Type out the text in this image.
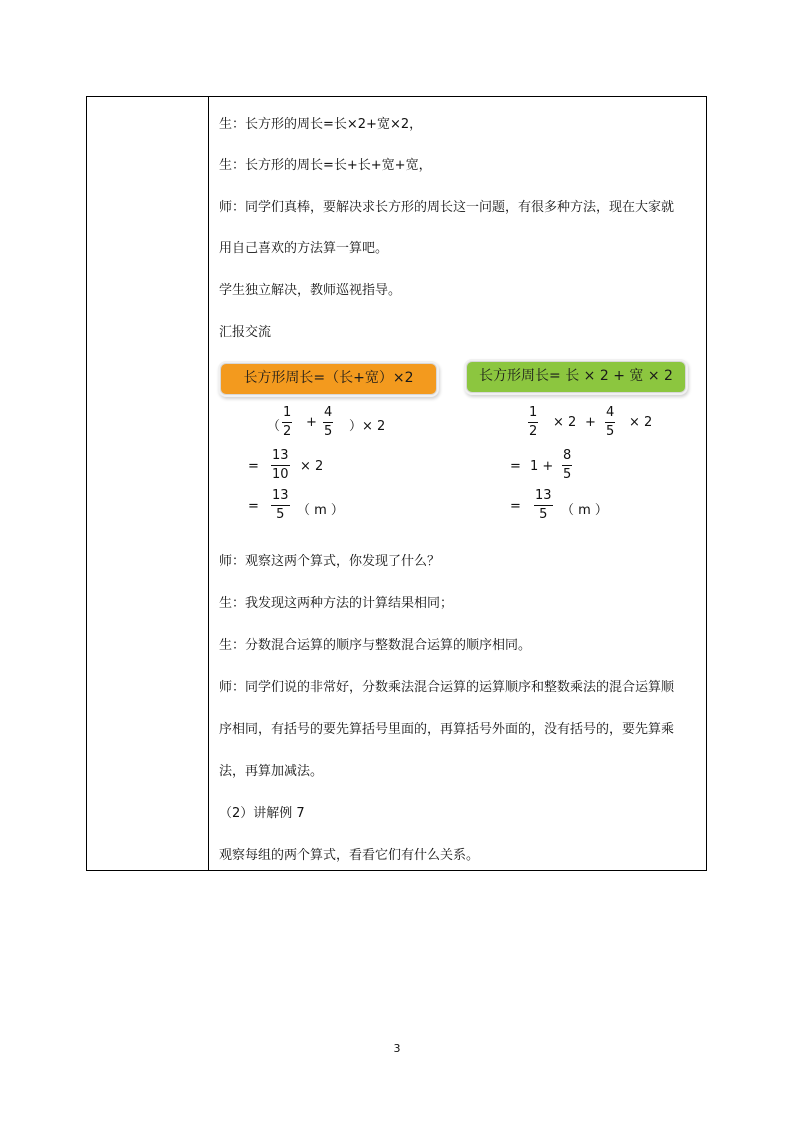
生：长方形的周长=长×2+宽×2，
生：长方形的周长=长+长+宽+宽，
师：同学们真棒，要解决求长方形的周长这一问题，有很多种方法，现在大家就
用自己喜欢的方法算一算吧。
学生独立解决，教师巡视指导。
汇报交流
长方形周长=（长+宽）×2	长方形周长= 长 × 2 + 宽 × 2
（
1
2
+
4
5 ）× 2
=
13
10
× 2
=
13
5 （ m ）
1
2
× 2 +
4
5
× 2
= 1 +
8
5
=
13
5 （ m ）
师：观察这两个算式，你发现了什么？
生：我发现这两种方法的计算结果相同；
生：分数混合运算的顺序与整数混合运算的顺序相同。
师：同学们说的非常好，分数乘法混合运算的运算顺序和整数乘法的混合运算顺
序相同，有括号的要先算括号里面的，再算括号外面的，没有括号的，要先算乘
法，再算加减法。
（2）讲解例 7
观察每组的两个算式，看看它们有什么关系。
3
